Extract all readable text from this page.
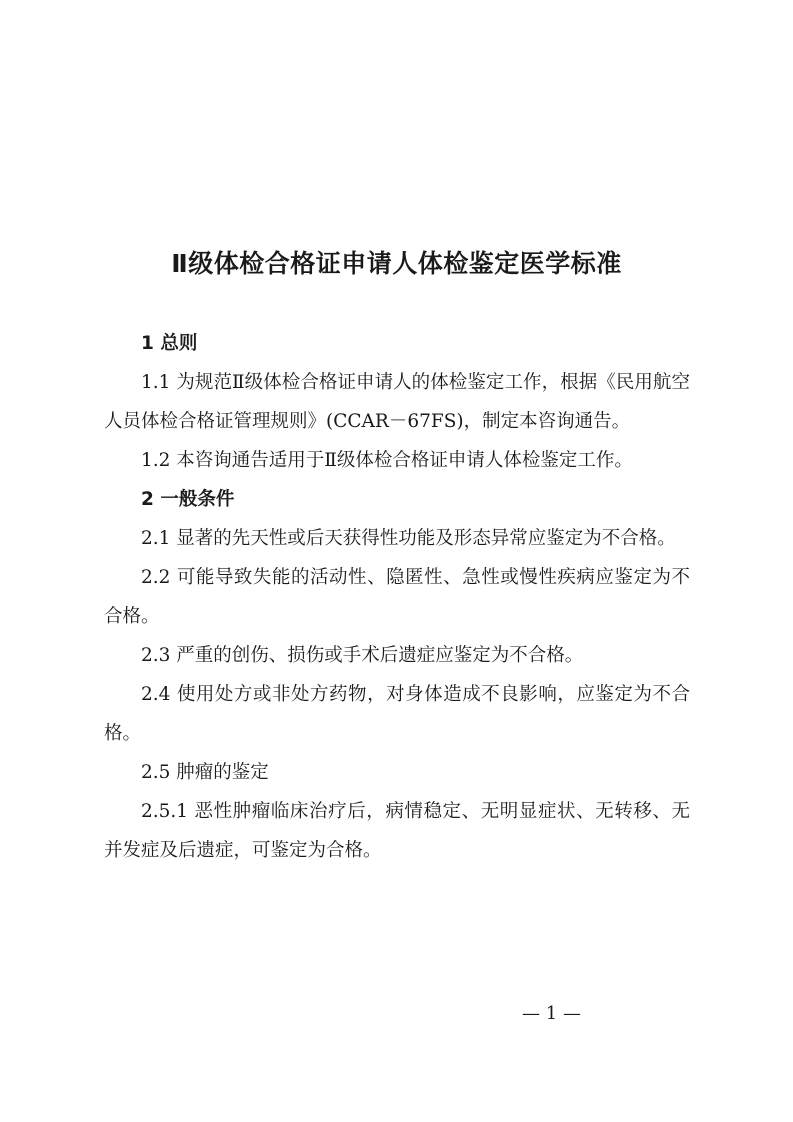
Ⅱ级体检合格证申请人体检鉴定医学标准

1 总则

1.1 为规范Ⅱ级体检合格证申请人的体检鉴定工作，根据《民用航空人员体检合格证管理规则》(CCAR－67FS)，制定本咨询通告。

1.2 本咨询通告适用于Ⅱ级体检合格证申请人体检鉴定工作。

2 一般条件

2.1 显著的先天性或后天获得性功能及形态异常应鉴定为不合格。

2.2 可能导致失能的活动性、隐匿性、急性或慢性疾病应鉴定为不合格。

2.3 严重的创伤、损伤或手术后遗症应鉴定为不合格。

2.4 使用处方或非处方药物，对身体造成不良影响，应鉴定为不合格。

2.5 肿瘤的鉴定

2.5.1 恶性肿瘤临床治疗后，病情稳定、无明显症状、无转移、无并发症及后遗症，可鉴定为合格。

— 1 —
